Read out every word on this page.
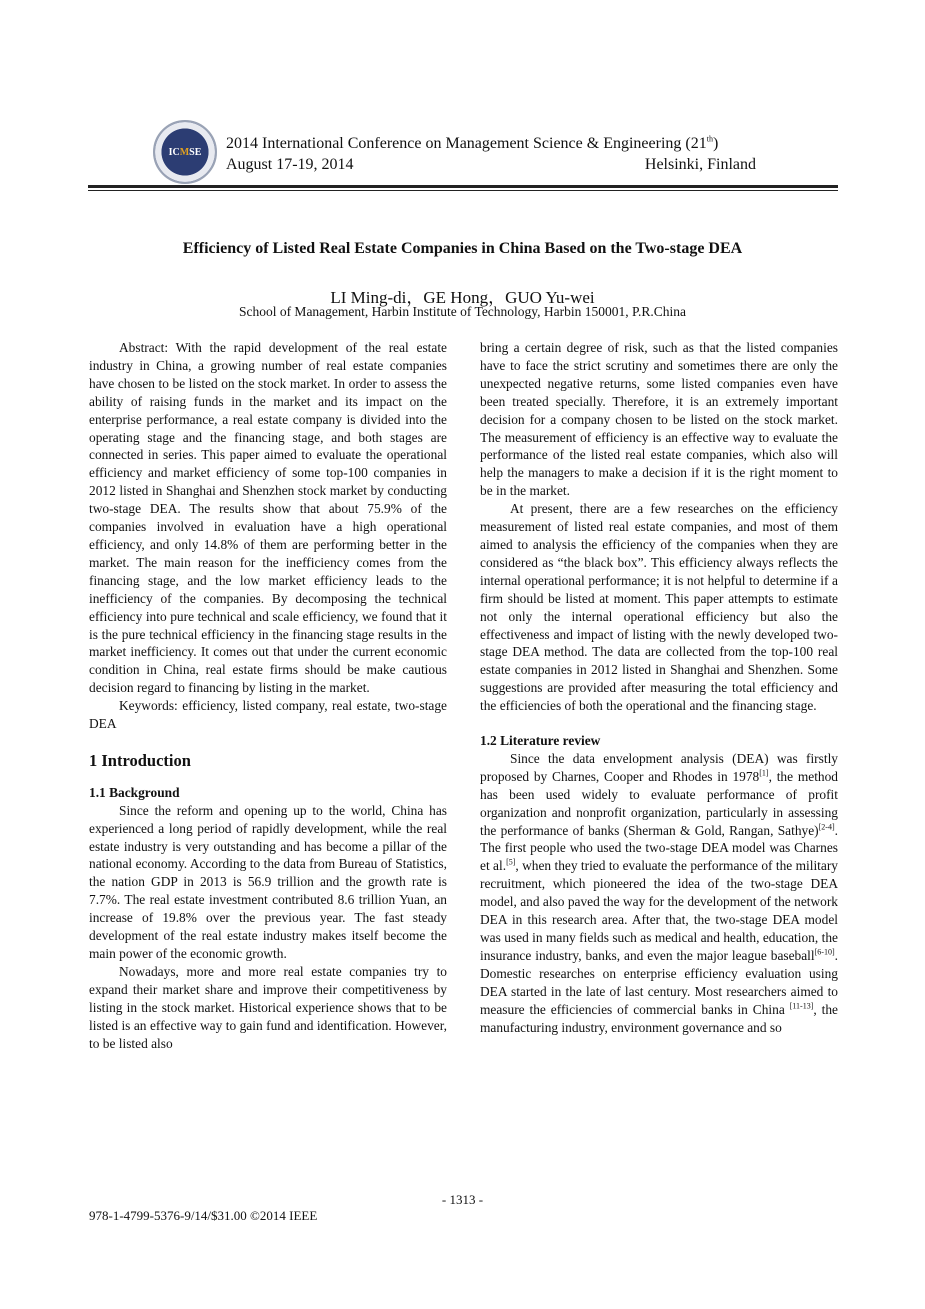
ICMSE 2014 International Conference on Management Science & Engineering (21th)
August 17-19, 2014	Helsinki, Finland
Efficiency of Listed Real Estate Companies in China Based on the Two-stage DEA
LI Ming-di，GE Hong，GUO Yu-wei
School of Management, Harbin Institute of Technology, Harbin 150001, P.R.China

Abstract: With the rapid development of the real estate industry in China, a growing number of real estate companies have chosen to be listed on the stock market. In order to assess the ability of raising funds in the market and its impact on the enterprise performance, a real estate company is divided into the operating stage and the financing stage, and both stages are connected in series. This paper aimed to evaluate the operational efficiency and market efficiency of some top-100 companies in 2012 listed in Shanghai and Shenzhen stock market by conducting two-stage DEA. The results show that about 75.9% of the companies involved in evaluation have a high operational efficiency, and only 14.8% of them are performing better in the market. The main reason for the inefficiency comes from the financing stage, and the low market efficiency leads to the inefficiency of the companies. By decomposing the technical efficiency into pure technical and scale efficiency, we found that it is the pure technical efficiency in the financing stage results in the market inefficiency. It comes out that under the current economic condition in China, real estate firms should be make cautious decision regard to financing by listing in the market.

Keywords: efficiency, listed company, real estate, two-stage DEA

1 Introduction
1.1 Background

Since the reform and opening up to the world, China has experienced a long period of rapidly development, while the real estate industry is very outstanding and has become a pillar of the national economy. According to the data from Bureau of Statistics, the nation GDP in 2013 is 56.9 trillion and the growth rate is 7.7%. The real estate investment contributed 8.6 trillion Yuan, an increase of 19.8% over the previous year. The fast steady development of the real estate industry makes itself become the main power of the economic growth.

Nowadays, more and more real estate companies try to expand their market share and improve their competitiveness by listing in the stock market. Historical experience shows that to be listed is an effective way to gain fund and identification. However, to be listed also

bring a certain degree of risk, such as that the listed companies have to face the strict scrutiny and sometimes there are only the unexpected negative returns, some listed companies even have been treated specially. Therefore, it is an extremely important decision for a company chosen to be listed on the stock market. The measurement of efficiency is an effective way to evaluate the performance of the listed real estate companies, which also will help the managers to make a decision if it is the right moment to be in the market.

At present, there are a few researches on the efficiency measurement of listed real estate companies, and most of them aimed to analysis the efficiency of the companies when they are considered as “the black box”. This efficiency always reflects the internal operational performance; it is not helpful to determine if a firm should be listed at moment. This paper attempts to estimate not only the internal operational efficiency but also the effectiveness and impact of listing with the newly developed two-stage DEA method. The data are collected from the top-100 real estate companies in 2012 listed in Shanghai and Shenzhen. Some suggestions are provided after measuring the total efficiency and the efficiencies of both the operational and the financing stage.

1.2 Literature review

Since the data envelopment analysis (DEA) was firstly proposed by Charnes, Cooper and Rhodes in 1978[1], the method has been used widely to evaluate performance of profit organization and nonprofit organization, particularly in assessing the performance of banks (Sherman & Gold, Rangan, Sathye)[2-4]. The first people who used the two-stage DEA model was Charnes et al.[5], when they tried to evaluate the performance of the military recruitment, which pioneered the idea of the two-stage DEA model, and also paved the way for the development of the network DEA in this research area. After that, the two-stage DEA model was used in many fields such as medical and health, education, the insurance industry, banks, and even the major league baseball[6-10]. Domestic researches on enterprise efficiency evaluation using DEA started in the late of last century. Most researchers aimed to measure the efficiencies of commercial banks in China [11-13], the manufacturing industry, environment governance and so

- 1313 -
978-1-4799-5376-9/14/$31.00 ©2014 IEEE
